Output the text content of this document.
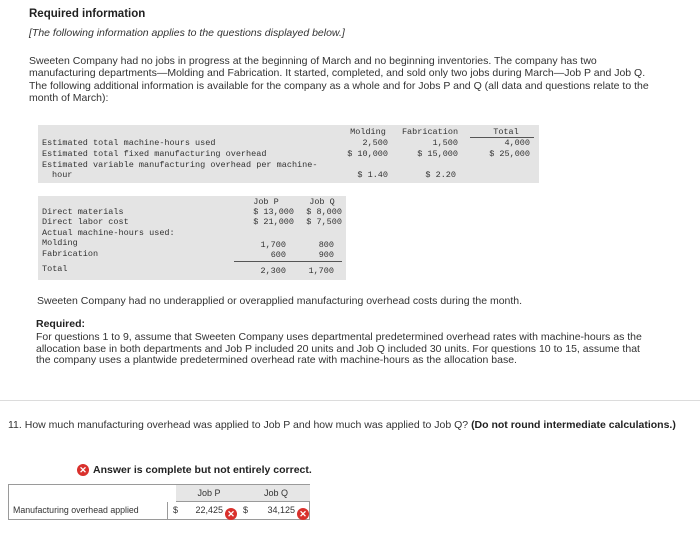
Required information
[The following information applies to the questions displayed below.]
Sweeten Company had no jobs in progress at the beginning of March and no beginning inventories. The company has two manufacturing departments—Molding and Fabrication. It started, completed, and sold only two jobs during March—Job P and Job Q. The following additional information is available for the company as a whole and for Jobs P and Q (all data and questions relate to the month of March):
Molding	Fabrication	Total
Estimated total machine-hours used	2,500	1,500	4,000
Estimated total fixed manufacturing overhead	$ 10,000	$ 15,000	$ 25,000
Estimated variable manufacturing overhead per machine-
hour	$ 1.40	$ 2.20
Job P	Job Q
Direct materials	$ 13,000	$ 8,000
Direct labor cost	$ 21,000	$ 7,500
Actual machine-hours used:
Molding	1,700	800
Fabrication	600	900
Total	2,300	1,700
Sweeten Company had no underapplied or overapplied manufacturing overhead costs during the month.
Required:
For questions 1 to 9, assume that Sweeten Company uses departmental predetermined overhead rates with machine-hours as the allocation base in both departments and Job P included 20 units and Job Q included 30 units. For questions 10 to 15, assume that the company uses a plantwide predetermined overhead rate with machine-hours as the allocation base.
11. How much manufacturing overhead was applied to Job P and how much was applied to Job Q? (Do not round intermediate calculations.)
✕ Answer is complete but not entirely correct.
Job P	Job Q
Manufacturing overhead applied	$	22,425 ✕ $	34,125 ✕
